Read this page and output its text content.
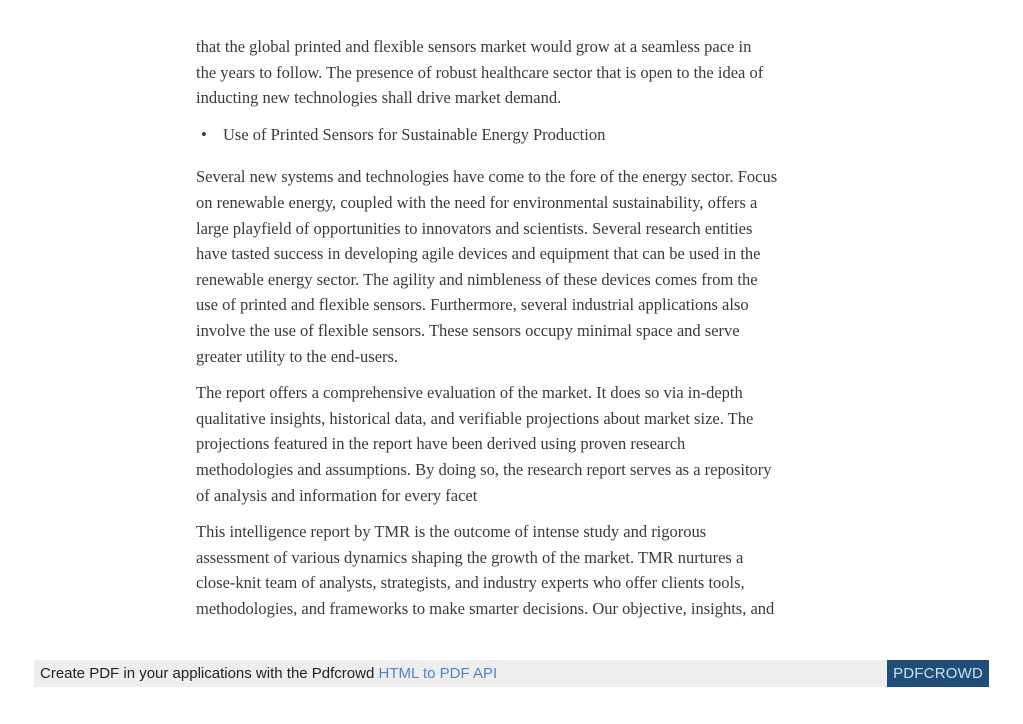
that the global printed and flexible sensors market would grow at a seamless pace in
the years to follow. The presence of robust healthcare sector that is open to the idea of
inducting new technologies shall drive market demand.

• Use of Printed Sensors for Sustainable Energy Production

Several new systems and technologies have come to the fore of the energy sector. Focus
on renewable energy, coupled with the need for environmental sustainability, offers a
large playfield of opportunities to innovators and scientists. Several research entities
have tasted success in developing agile devices and equipment that can be used in the
renewable energy sector. The agility and nimbleness of these devices comes from the
use of printed and flexible sensors. Furthermore, several industrial applications also
involve the use of flexible sensors. These sensors occupy minimal space and serve
greater utility to the end-users.

The report offers a comprehensive evaluation of the market. It does so via in-depth
qualitative insights, historical data, and verifiable projections about market size. The
projections featured in the report have been derived using proven research
methodologies and assumptions. By doing so, the research report serves as a repository
of analysis and information for every facet

This intelligence report by TMR is the outcome of intense study and rigorous
assessment of various dynamics shaping the growth of the market. TMR nurtures a
close-knit team of analysts, strategists, and industry experts who offer clients tools,
methodologies, and frameworks to make smarter decisions. Our objective, insights, and

Create PDF in your applications with the Pdfcrowd HTML to PDF API	PDFCROWD
